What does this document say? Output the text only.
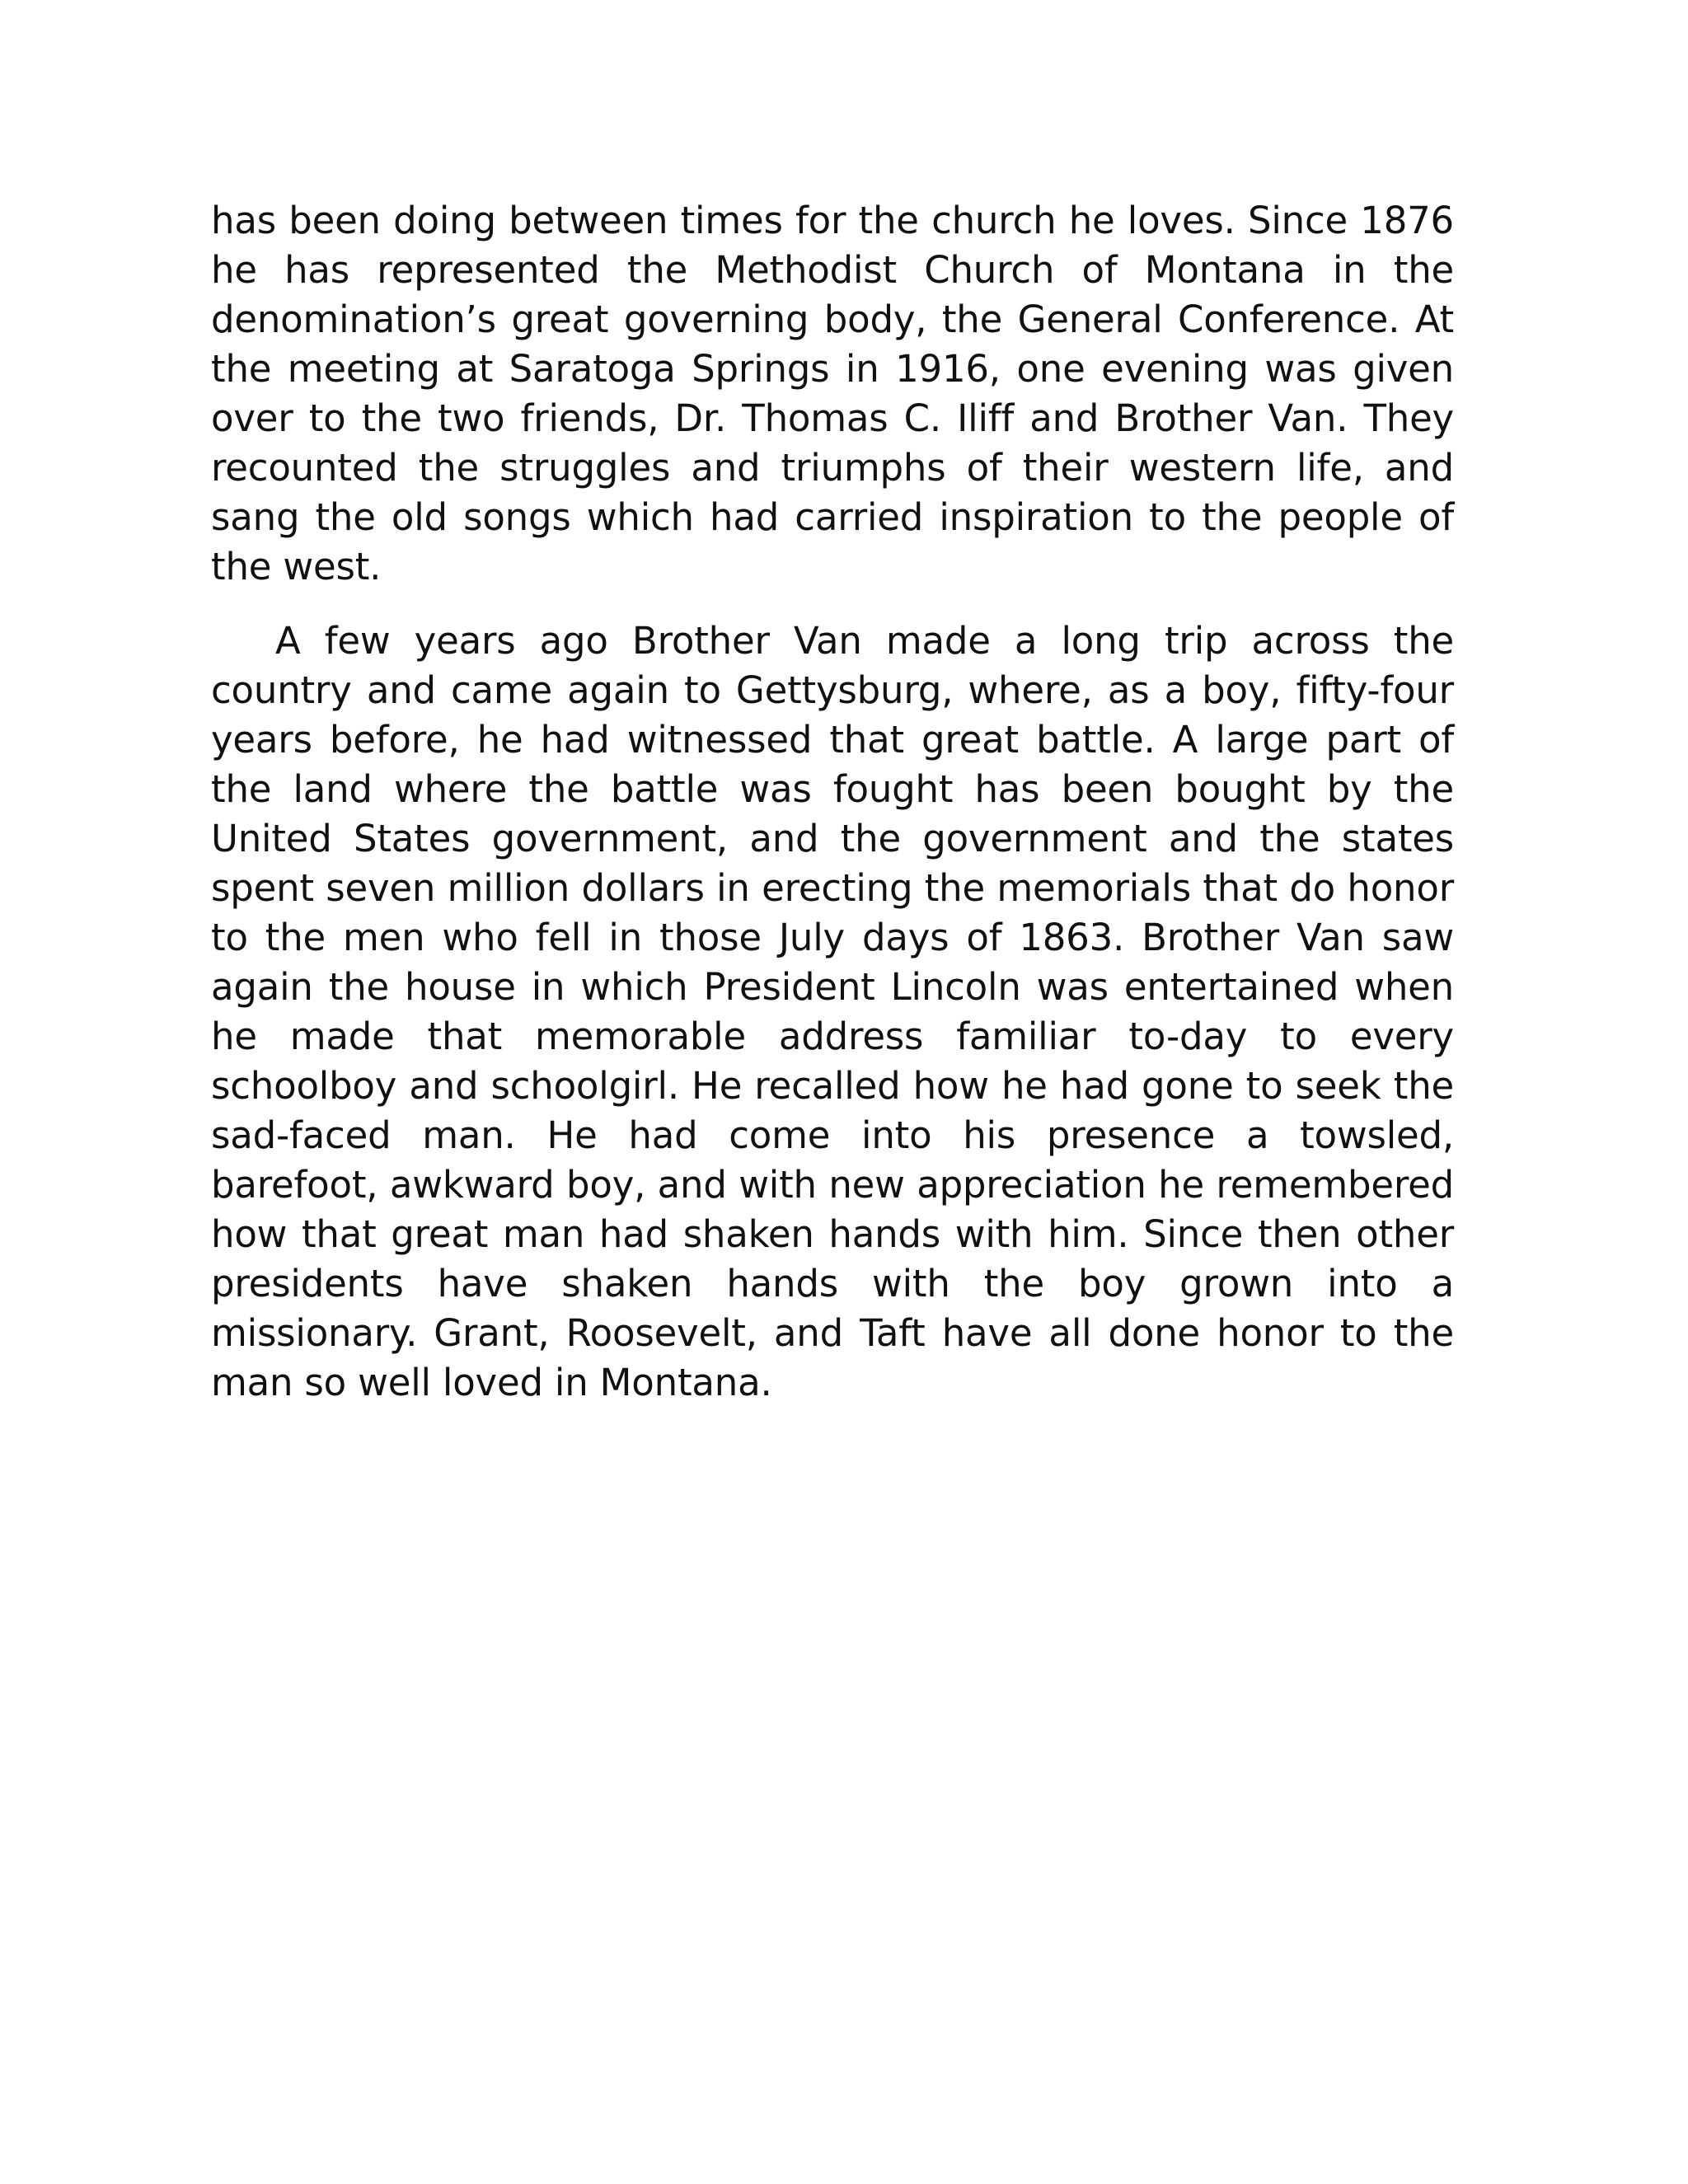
has been doing between times for the church he loves. Since 1876 he has represented the Methodist Church of Montana in the denomination’s great governing body, the General Conference. At the meeting at Saratoga Springs in 1916, one evening was given over to the two friends, Dr. Thomas C. Iliff and Brother Van. They recounted the struggles and triumphs of their western life, and sang the old songs which had carried inspiration to the people of the west.

A few years ago Brother Van made a long trip across the country and came again to Gettysburg, where, as a boy, fifty-four years before, he had witnessed that great battle. A large part of the land where the battle was fought has been bought by the United States government, and the government and the states spent seven million dollars in erecting the memorials that do honor to the men who fell in those July days of 1863. Brother Van saw again the house in which President Lincoln was entertained when he made that memorable address familiar to-day to every schoolboy and schoolgirl. He recalled how he had gone to seek the sad-faced man. He had come into his presence a towsled, barefoot, awkward boy, and with new appreciation he remembered how that great man had shaken hands with him. Since then other presidents have shaken hands with the boy grown into a missionary. Grant, Roosevelt, and Taft have all done honor to the man so well loved in Montana.
